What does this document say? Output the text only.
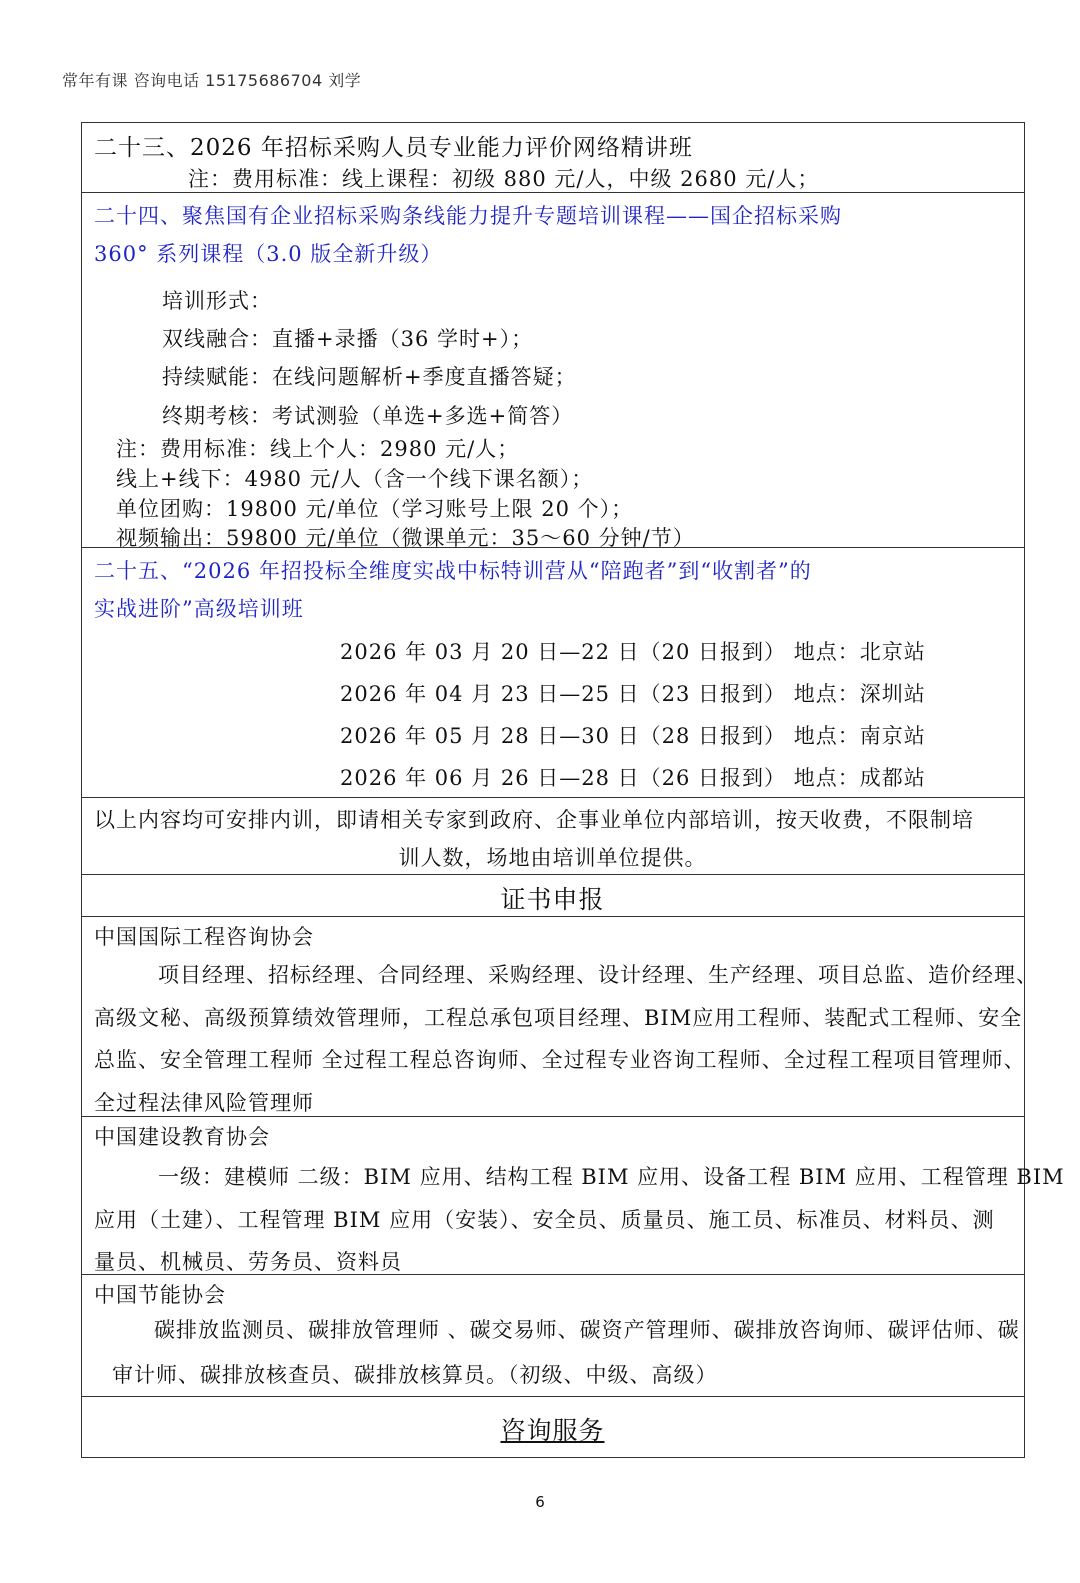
常年有课 咨询电话 15175686704 刘学
二十三、2026 年招标采购人员专业能力评价网络精讲班
注：费用标准：线上课程：初级 880 元/人，中级 2680 元/人；
二十四、聚焦国有企业招标采购条线能力提升专题培训课程——国企招标采购
360° 系列课程（3.0 版全新升级）
培训形式：
双线融合：直播+录播（36 学时+）；
持续赋能：在线问题解析+季度直播答疑；
终期考核：考试测验（单选+多选+简答）
注：费用标准：线上个人：2980 元/人；
线上+线下：4980 元/人（含一个线下课名额）；
单位团购：19800 元/单位（学习账号上限 20 个）；
视频输出：59800 元/单位（微课单元：35～60 分钟/节）
二十五、“2026 年招投标全维度实战中标特训营从“陪跑者”到“收割者”的
实战进阶”高级培训班
2026 年 03 月 20 日—22 日（20 日报到） 地点：北京站
2026 年 04 月 23 日—25 日（23 日报到） 地点：深圳站
2026 年 05 月 28 日—30 日（28 日报到） 地点：南京站
2026 年 06 月 26 日—28 日（26 日报到） 地点：成都站
以上内容均可安排内训，即请相关专家到政府、企事业单位内部培训，按天收费，不限制培
训人数，场地由培训单位提供。
证书申报
中国国际工程咨询协会
项目经理、招标经理、合同经理、采购经理、设计经理、生产经理、项目总监、造价经理、
高级文秘、高级预算绩效管理师，工程总承包项目经理、BIM应用工程师、装配式工程师、安全
总监、安全管理工程师 全过程工程总咨询师、全过程专业咨询工程师、全过程工程项目管理师、
全过程法律风险管理师
中国建设教育协会
一级：建模师 二级：BIM 应用、结构工程 BIM 应用、设备工程 BIM 应用、工程管理 BIM
应用（土建）、工程管理 BIM 应用（安装）、安全员、质量员、施工员、标准员、材料员、测
量员、机械员、劳务员、资料员
中国节能协会
碳排放监测员、碳排放管理师 、碳交易师、碳资产管理师、碳排放咨询师、碳评估师、碳
审计师、碳排放核查员、碳排放核算员。（初级、中级、高级）
咨询服务
6
